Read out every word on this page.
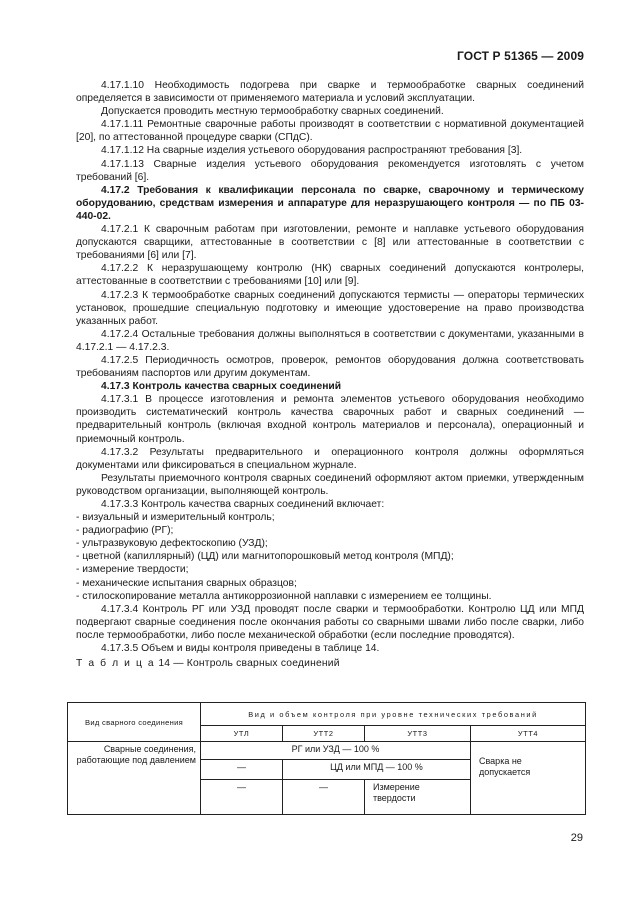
ГОСТ Р 51365 — 2009

4.17.1.10 Необходимость подогрева при сварке и термообработке сварных соединений определяется в зависимости от применяемого материала и условий эксплуатации.

Допускается проводить местную термообработку сварных соединений.

4.17.1.11 Ремонтные сварочные работы производят в соответствии с нормативной документацией [20], по аттестованной процедуре сварки (СПдС).

4.17.1.12 На сварные изделия устьевого оборудования распространяют требования [3].

4.17.1.13 Сварные изделия устьевого оборудования рекомендуется изготовлять с учетом требований [6].

4.17.2 Требования к квалификации персонала по сварке, сварочному и термическому оборудованию, средствам измерения и аппаратуре для неразрушающего контроля — по ПБ 03-440-02.

4.17.2.1 К сварочным работам при изготовлении, ремонте и наплавке устьевого оборудования допускаются сварщики, аттестованные в соответствии с [8] или аттестованные в соответствии с требованиями [6] или [7].

4.17.2.2 К неразрушающему контролю (НК) сварных соединений допускаются контролеры, аттестованные в соответствии с требованиями [10] или [9].

4.17.2.3 К термообработке сварных соединений допускаются термисты — операторы термических установок, прошедшие специальную подготовку и имеющие удостоверение на право производства указанных работ.

4.17.2.4 Остальные требования должны выполняться в соответствии с документами, указанными в 4.17.2.1 — 4.17.2.3.

4.17.2.5 Периодичность осмотров, проверок, ремонтов оборудования должна соответствовать требованиям паспортов или другим документам.

4.17.3 Контроль качества сварных соединений

4.17.3.1 В процессе изготовления и ремонта элементов устьевого оборудования необходимо производить систематический контроль качества сварочных работ и сварных соединений — предварительный контроль (включая входной контроль материалов и персонала), операционный и приемочный контроль.

4.17.3.2 Результаты предварительного и операционного контроля должны оформляться документами или фиксироваться в специальном журнале.

Результаты приемочного контроля сварных соединений оформляют актом приемки, утвержденным руководством организации, выполняющей контроль.

4.17.3.3 Контроль качества сварных соединений включает:

- визуальный и измерительный контроль;

- радиографию (РГ);

- ультразвуковую дефектоскопию (УЗД);

- цветной (капиллярный) (ЦД) или магнитопорошковый метод контроля (МПД);

- измерение твердости;

- механические испытания сварных образцов;

- стилоскопирование металла антикоррозионной наплавки с измерением ее толщины.

4.17.3.4 Контроль РГ или УЗД проводят после сварки и термообработки. Контролю ЦД или МПД подвергают сварные соединения после окончания работы со сварными швами либо после сварки, либо после термообработки, либо после механической обработки (если последние проводятся).

4.17.3.5 Объем и виды контроля приведены в таблице 14.

Т а б л и ц а 14 — Контроль сварных соединений

Вид сварного соединения	Вид и объем контроля при уровне технических требований			
	УТЛ	УТТ2	УТТ3	УТТ4
Сварные соединения, работающие под давлением	РГ или УЗД — 100 %			Сварка не допускается
	—	ЦД или МПД — 100 %		
	—	—	Измерение твердости	
29
